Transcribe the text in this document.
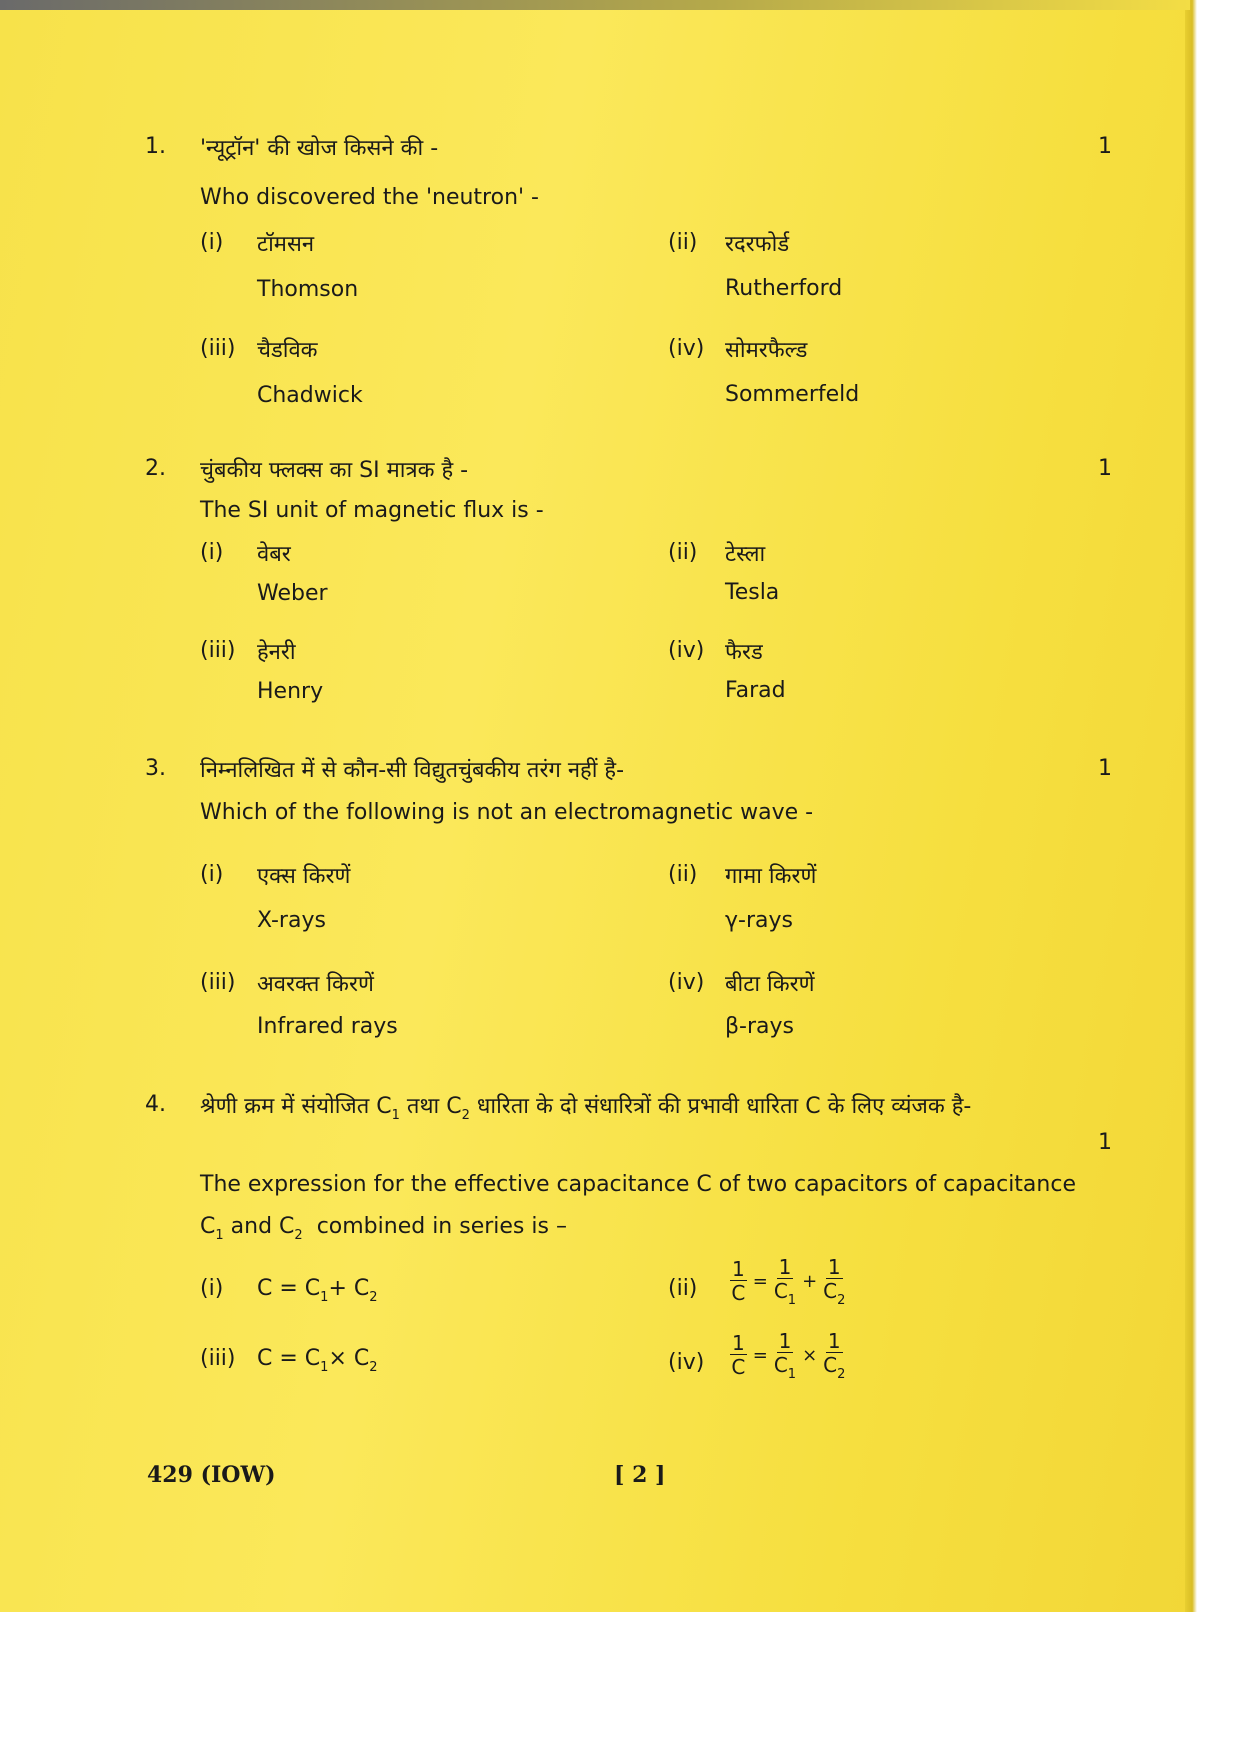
1. 'न्यूट्रॉन' की खोज किसने की -	1
Who discovered the 'neutron' -
(i) टॉमसन
Thomson
(ii) रदरफोर्ड
Rutherford
(iii) चैडविक
Chadwick
(iv) सोमरफैल्ड
Sommerfeld
2. चुंबकीय फ्लक्स का SI मात्रक है -	1
The SI unit of magnetic flux is -
(i) वेबर
Weber
(ii) टेस्ला
Tesla
(iii) हेनरी
Henry
(iv) फैरड
Farad
3. निम्नलिखित में से कौन-सी विद्युतचुंबकीय तरंग नहीं है-	1
Which of the following is not an electromagnetic wave -
(i) एक्स किरणें
X-rays
(ii) गामा किरणें
γ-rays
(iii) अवरक्त किरणें
Infrared rays
(iv) बीटा किरणें
β-rays
4. श्रेणी क्रम में संयोजित $C_1$ तथा $C_2$ धारिता के दो संधारित्रों की प्रभावी धारिता C के लिए व्यंजक है-
1
The expression for the effective capacitance C of two capacitors of capacitance
$C_1$ and $C_2$ combined in series is –
(i) $C = C_1+ C_2$	$(ii) \frac{1}{C} = \frac{1}{C_1} + \frac{1}{C_2}$
(iii) $C = C_1\times C_2$	$(iv) \frac{1}{C} = \frac{1}{C_1} \times \frac{1}{C_2}$
429 (IOW)	[ 2 ]
